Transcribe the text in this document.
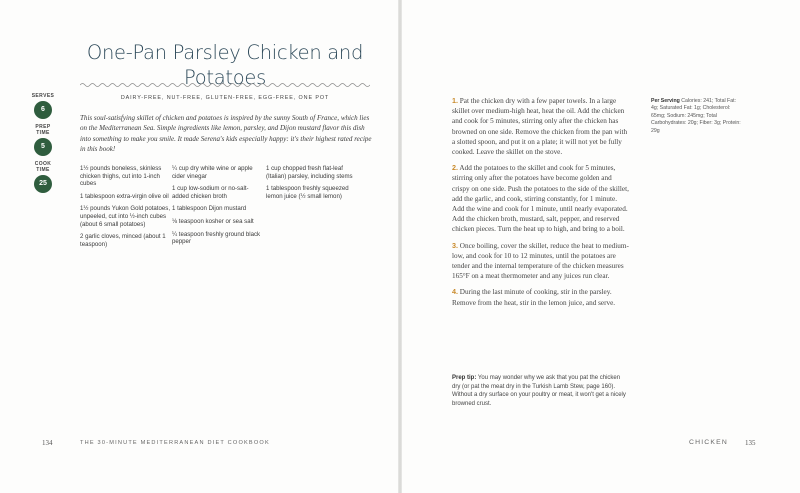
One-Pan Parsley Chicken and Potatoes
DAIRY-FREE, NUT-FREE, GLUTEN-FREE, EGG-FREE, ONE POT
SERVES
6
PREP
TIME
5
COOK
TIME
25
This soul-satisfying skillet of chicken and potatoes is inspired by the sunny South of France, which lies on the Mediterranean Sea. Simple ingredients like lemon, parsley, and Dijon mustard flavor this dish into something to make you smile. It made Serena's kids especially happy: it's their highest rated recipe in this book!
1½ pounds boneless, skinless chicken thighs, cut into 1-inch cubes
1 tablespoon extra-virgin olive oil
1½ pounds Yukon Gold potatoes, unpeeled, cut into ½-inch cubes (about 6 small potatoes)
2 garlic cloves, minced (about 1 teaspoon)
¼ cup dry white wine or apple cider vinegar
1 cup low-sodium or no-salt-added chicken broth
1 tablespoon Dijon mustard
⅛ teaspoon kosher or sea salt
¼ teaspoon freshly ground black pepper
1 cup chopped fresh flat-leaf (Italian) parsley, including stems
1 tablespoon freshly squeezed lemon juice (½ small lemon)
134	THE 30-MINUTE MEDITERRANEAN DIET COOKBOOK
1. Pat the chicken dry with a few paper towels. In a large skillet over medium-high heat, heat the oil. Add the chicken and cook for 5 minutes, stirring only after the chicken has browned on one side. Remove the chicken from the pan with a slotted spoon, and put it on a plate; it will not yet be fully cooked. Leave the skillet on the stove.
2. Add the potatoes to the skillet and cook for 5 minutes, stirring only after the potatoes have become golden and crispy on one side. Push the potatoes to the side of the skillet, add the garlic, and cook, stirring constantly, for 1 minute. Add the wine and cook for 1 minute, until nearly evaporated. Add the chicken broth, mustard, salt, pepper, and reserved chicken pieces. Turn the heat up to high, and bring to a boil.
3. Once boiling, cover the skillet, reduce the heat to medium-low, and cook for 10 to 12 minutes, until the potatoes are tender and the internal temperature of the chicken measures 165°F on a meat thermometer and any juices run clear.
4. During the last minute of cooking, stir in the parsley. Remove from the heat, stir in the lemon juice, and serve.
Prep tip: You may wonder why we ask that you pat the chicken dry (or pat the meat dry in the Turkish Lamb Stew, page 160). Without a dry surface on your poultry or meat, it won't get a nicely browned crust.
Per Serving Calories: 241; Total Fat: 4g; Saturated Fat: 1g; Cholesterol: 65mg; Sodium: 245mg; Total Carbohydrates: 20g; Fiber: 3g; Protein: 29g
CHICKEN 135
